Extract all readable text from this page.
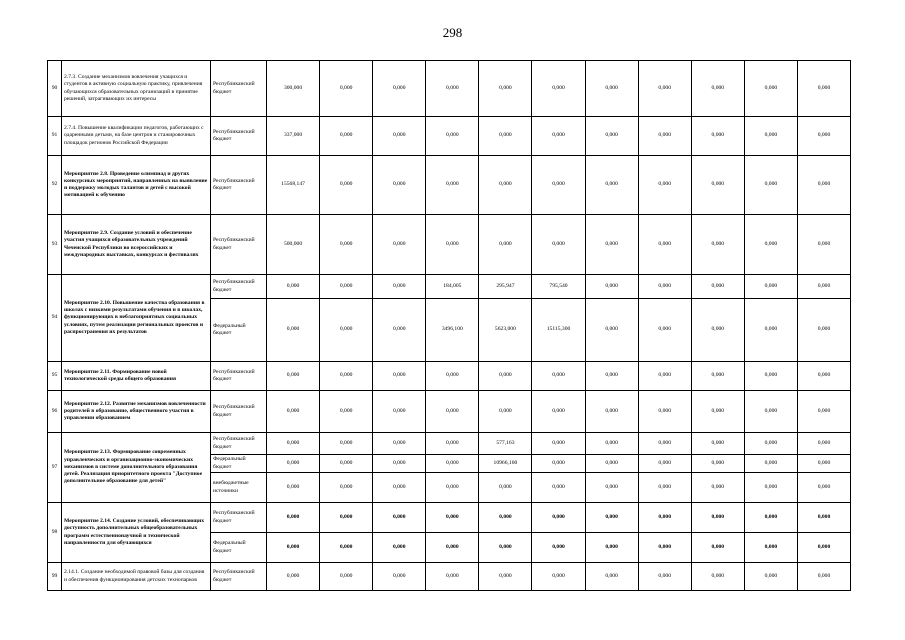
298
90	2.7.3. Создание механизмов вовлечения учащихся и студентов в активную социальную практику, привлечения обучающихся образовательных организаций в принятие решений, затрагивающих их интересы	Республиканский бюджет	300,000	0,000	0,000	0,000	0,000	0,000	0,000	0,000	0,000	0,000	0,000
91	2.7.4. Повышение квалификации педагогов, работающих с одаренными детьми, на базе центров и стажировочных площадок регионов Российской Федерации	Республиканский бюджет	337,000	0,000	0,000	0,000	0,000	0,000	0,000	0,000	0,000	0,000	0,000
92	Мероприятие 2.8. Проведение олимпиад и других конкурсных мероприятий, направленных на выявление и поддержку молодых талантов и детей с высокой мотивацией к обучению	Республиканский бюджет	15568,147	0,000	0,000	0,000	0,000	0,000	0,000	0,000	0,000	0,000	0,000
93	Мероприятие 2.9. Создание условий и обеспечение участия учащихся образовательных учреждений Чеченской Республики во всероссийских и международных выставках, конкурсах и фестивалях	Республиканский бюджет	500,000	0,000	0,000	0,000	0,000	0,000	0,000	0,000	0,000	0,000	0,000
94	Мероприятие 2.10. Повышение качества образования в школах с низкими результатами обучения и в школах, функционирующих в неблагоприятных социальных условиях, путем реализации региональных проектов и распространения их результатов	Республиканский бюджет	0,000	0,000	0,000	184,005	295,947	795,540	0,000	0,000	0,000	0,000	0,000
		Федеральный бюджет	0,000	0,000	0,000	3496,100	5623,000	15115,300	0,000	0,000	0,000	0,000	0,000
95	Мероприятие 2.11. Формирование новой технологической среды общего образования	Республиканский бюджет	0,000	0,000	0,000	0,000	0,000	0,000	0,000	0,000	0,000	0,000	0,000
96	Мероприятие 2.12. Развитие механизмов вовлеченности родителей в образование, общественного участия в управлении образованием	Республиканский бюджет	0,000	0,000	0,000	0,000	0,000	0,000	0,000	0,000	0,000	0,000	0,000
97	Мероприятие 2.13. Формирование современных управленческих и организационно-экономических механизмов в системе дополнительного образования детей. Реализация приоритетного проекта "Доступное дополнительное образование для детей"	Республиканский бюджет	0,000	0,000	0,000	0,000	577,163	0,000	0,000	0,000	0,000	0,000	0,000
		Федеральный бюджет	0,000	0,000	0,000	0,000	10966,100	0,000	0,000	0,000	0,000	0,000	0,000
		внебюджетные источники	0,000	0,000	0,000	0,000	0,000	0,000	0,000	0,000	0,000	0,000	0,000
98	Мероприятие 2.14. Создание условий, обеспечивающих доступность дополнительных общеобразовательных программ естественнонаучной и технической направленности для обучающихся	Республиканский бюджет	0,000	0,000	0,000	0,000	0,000	0,000	0,000	0,000	0,000	0,000	0,000
		Федеральный бюджет	0,000	0,000	0,000	0,000	0,000	0,000	0,000	0,000	0,000	0,000	0,000
99	2.14.1. Создание необходимой правовой базы для создания и обеспечения функционирования детских технопарков	Республиканский бюджет	0,000	0,000	0,000	0,000	0,000	0,000	0,000	0,000	0,000	0,000	0,000
